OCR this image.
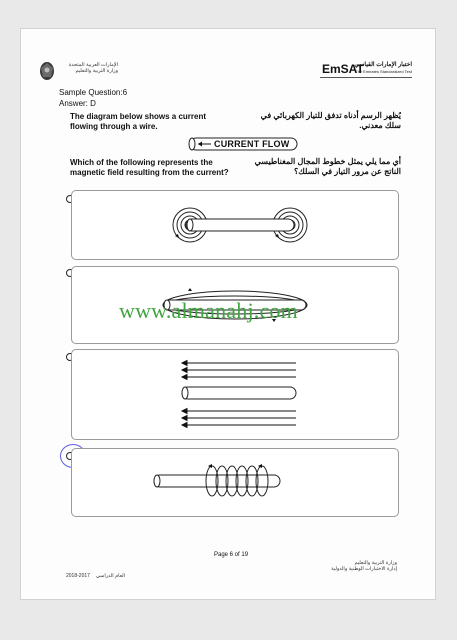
الإمارات العربية المتحدة
وزارة التربية والتعليم	EmSAT
اختبار الإمارات القياسي
The Emirates Standardized Test
Sample Question:6
Answer: D
The diagram below shows a current
flowing through a wire.
يُظهر الرسم أدناه تدفق للتيار الكهربائي في
سلك معدني.
CURRENT FLOW
Which of the following represents the
magnetic field resulting from the current?
أي مما يلي يمثل خطوط المجال المغناطيسي
الناتج عن مرور التيار في السلك؟
www.almanahj.com
Page 6 of 19
2018-2017 العام الدراسي
وزارة التربية والتعليم
إدارة الاختبارات الوطنية والدولية
